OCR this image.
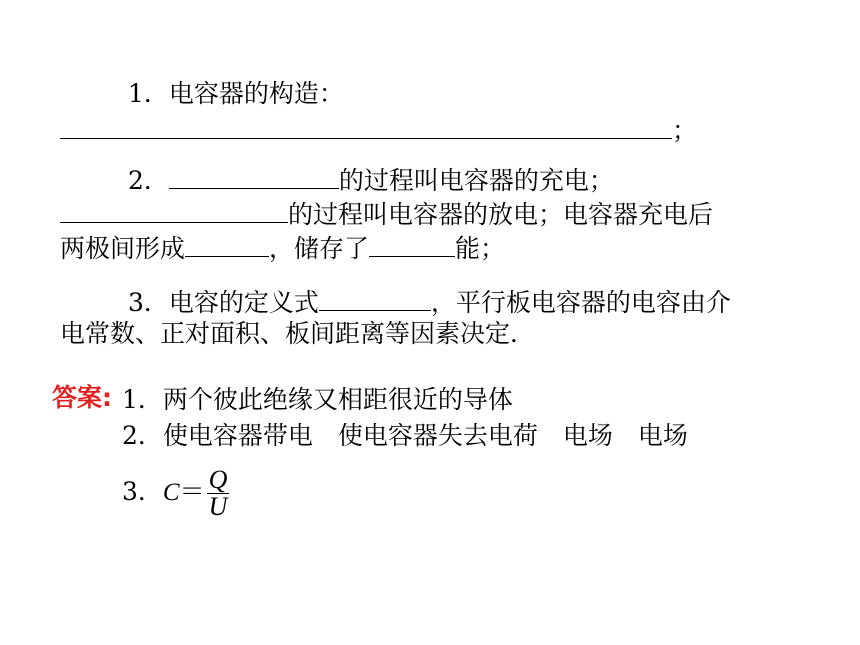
1．电容器的构造：
；
2．	的过程叫电容器的充电；
的过程叫电容器的放电；电容器充电后
两极间形成	，储存了	能；
3．电容的定义式	，平行板电容器的电容由介
电常数、正对面积、板间距离等因素决定．
答案: 1．两个彼此绝缘又相距很近的导体
2．使电容器带电　使电容器失去电荷　电场　电场
3．$C= \frac{Q}{U}$
